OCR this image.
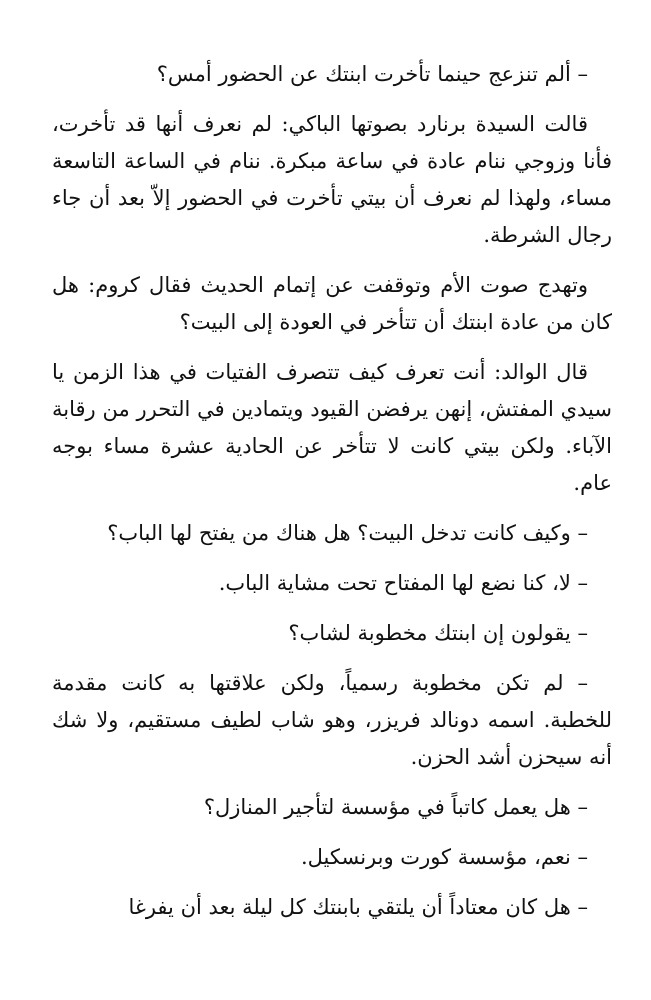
– ألم تنزعج حينما تأخرت ابنتك عن الحضور أمس؟

قالت السيدة برنارد بصوتها الباكي: لم نعرف أنها قد تأخرت، فأنا وزوجي ننام عادة في ساعة مبكرة. ننام في الساعة التاسعة مساء، ولهذا لم نعرف أن بيتي تأخرت في الحضور إلاّ بعد أن جاء رجال الشرطة.

وتهدج صوت الأم وتوقفت عن إتمام الحديث فقال كروم: هل كان من عادة ابنتك أن تتأخر في العودة إلى البيت؟

قال الوالد: أنت تعرف كيف تتصرف الفتيات في هذا الزمن يا سيدي المفتش، إنهن يرفضن القيود ويتمادين في التحرر من رقابة الآباء. ولكن بيتي كانت لا تتأخر عن الحادية عشرة مساء بوجه عام.

– وكيف كانت تدخل البيت؟ هل هناك من يفتح لها الباب؟

– لا، كنا نضع لها المفتاح تحت مشاية الباب.

– يقولون إن ابنتك مخطوبة لشاب؟

– لم تكن مخطوبة رسمياً، ولكن علاقتها به كانت مقدمة للخطبة. اسمه دونالد فريزر، وهو شاب لطيف مستقيم، ولا شك أنه سيحزن أشد الحزن.

– هل يعمل كاتباً في مؤسسة لتأجير المنازل؟

– نعم، مؤسسة كورت وبرنسكيل.

– هل كان معتاداً أن يلتقي بابنتك كل ليلة بعد أن يفرغا
